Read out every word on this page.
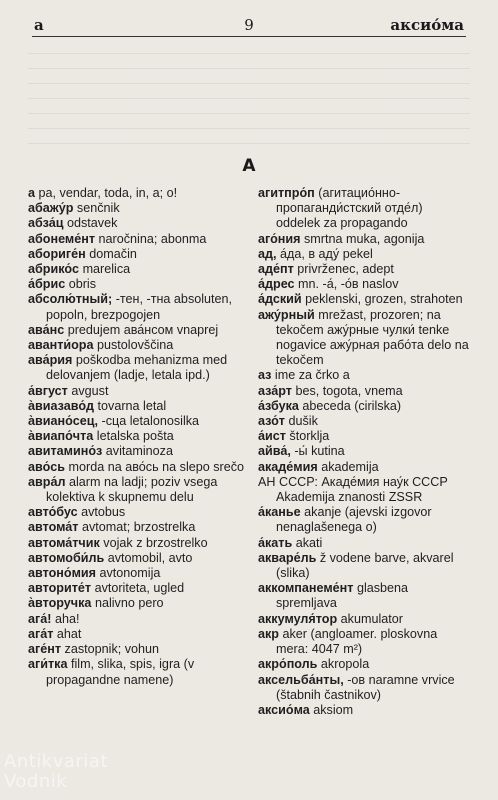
a	9	аксио́ма
А
a pa, vendar, toda, in, a; o!
абажу́р senčnik
абза́ц odstavek
абонеме́нт naročnina; abonma
абориге́н domačin
абрико́с marelica
а́брис obris
абсолю́тный; -тен, -тна absoluten, popoln, brezpogojen
ава́нс predujem ава́нсом vnaprej
аванти́ора pustolovščina
ава́рия poškodba mehanizma med delovanjem (ladje, letala ipd.)
а́вгуст avgust
а̀виазаво́д tovarna letal
а̀виано́сец, -сца letalonosilka
а̀виапо́чта letalska pošta
авитамино́з avitaminoza
аво́сь morda na аво́сь na slepo srečo
авра́л alarm na ladji; poziv vsega kolektiva k skupnemu delu
авто́бус avtobus
автома́т avtomat; brzostrelka
автома́тчик vojak z brzostrelko
автомоби́ль avtomobil, avto
автоно́мия avtonomija
авторите́т avtoriteta, ugled
а̀вторучка nalivno pero
ага́! aha!
ага́т ahat
аге́нт zastopnik; vohun
аги́тка film, slika, spis, igra (v propagandne namene)
агитпро́п (агитацио́нно-пропаганди́стский отде́л) oddelek za propagando
аго́ния smrtna muka, agonija
ад, а́да, в аду́ pekel
аде́пт privrženec, adept
а́дрес mn. -а́, -о́в naslov
а́дский peklenski, grozen, strahoten
ажу́рный mrežast, prozoren; na tekočem ажу́рные чулки́ tenke nogavice ажу́рная рабо́та delo na tekočem
аз ime za črko a
аза́рт bes, togota, vnema
а́збука abeceda (cirilska)
азо́т dušik
а́ист štorklja
айва́, -ы́ kutina
акаде́мия akademija
АН СССР: Акаде́мия нау́к СССР Akademija znanosti ZSSR
а́канье akanje (ajevski izgovor nenaglašenega o)
а́кать akati
акваре́ль ž vodene barve, akvarel (slika)
аккомпанеме́нт glasbena spremljava
аккумуля́тор akumulator
акр aker (angloamer. ploskovna mera: 4047 m²)
акро́поль akropola
аксельба́нты, -ов naramne vrvice (štabnih častnikov)
аксио́ма aksiom
Antikvariat
Vodnik
